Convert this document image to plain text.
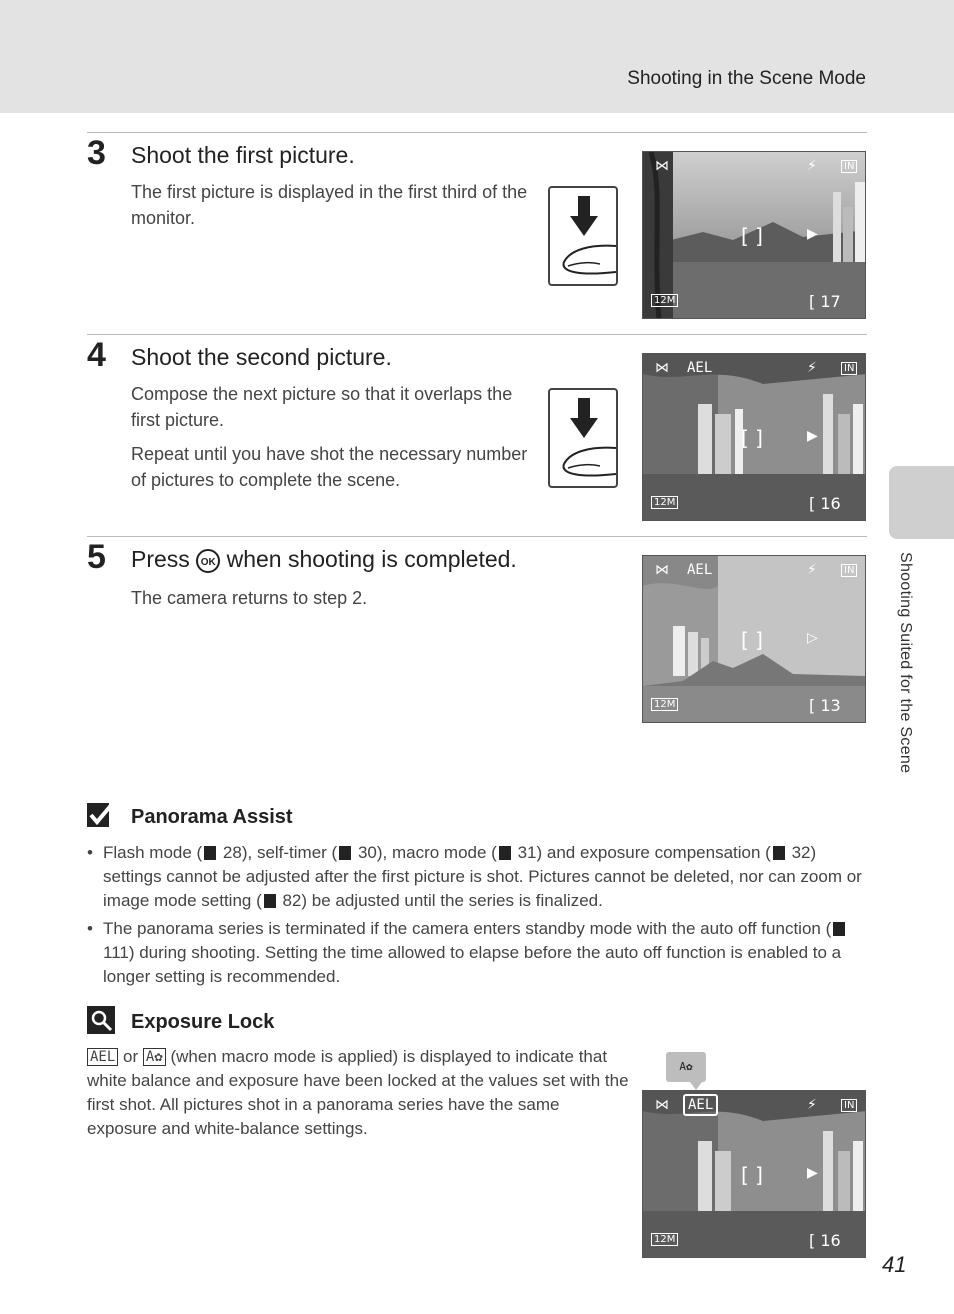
Shooting in the Scene Mode
Shooting Suited for the Scene
3 Shoot the first picture.

The first picture is displayed in the first third of the monitor.

⋈	⚡	IN
[ ]	▶
12M	[ 17
4 Shoot the second picture.

Compose the next picture so that it overlaps the first picture.

Repeat until you have shot the necessary number of pictures to complete the scene.

⋈ AEL	⚡	IN
[ ]	▶
12M	[ 16
5 Press OK when shooting is completed.

The camera returns to step 2.

⋈ AEL	⚡	IN
[ ]	▷
12M	[ 13
Panorama Assist
• Flash mode ( 28), self-timer ( 30), macro mode ( 31) and exposure compensation ( 32) settings cannot be adjusted after the first picture is shot. Pictures cannot be deleted, nor can zoom or image mode setting ( 82) be adjusted until the series is finalized.
• The panorama series is terminated if the camera enters standby mode with the auto off function ( 111) during shooting. Setting the time allowed to elapse before the auto off function is enabled to a longer setting is recommended.
Exposure Lock
AEL or A✿ (when macro mode is applied) is displayed to indicate that white balance and exposure have been locked at the values set with the first shot. All pictures shot in a panorama series have the same exposure and white-balance settings.
A✿
⋈	AEL	⚡	IN
[ ]	▶
12M	[ 16
41
